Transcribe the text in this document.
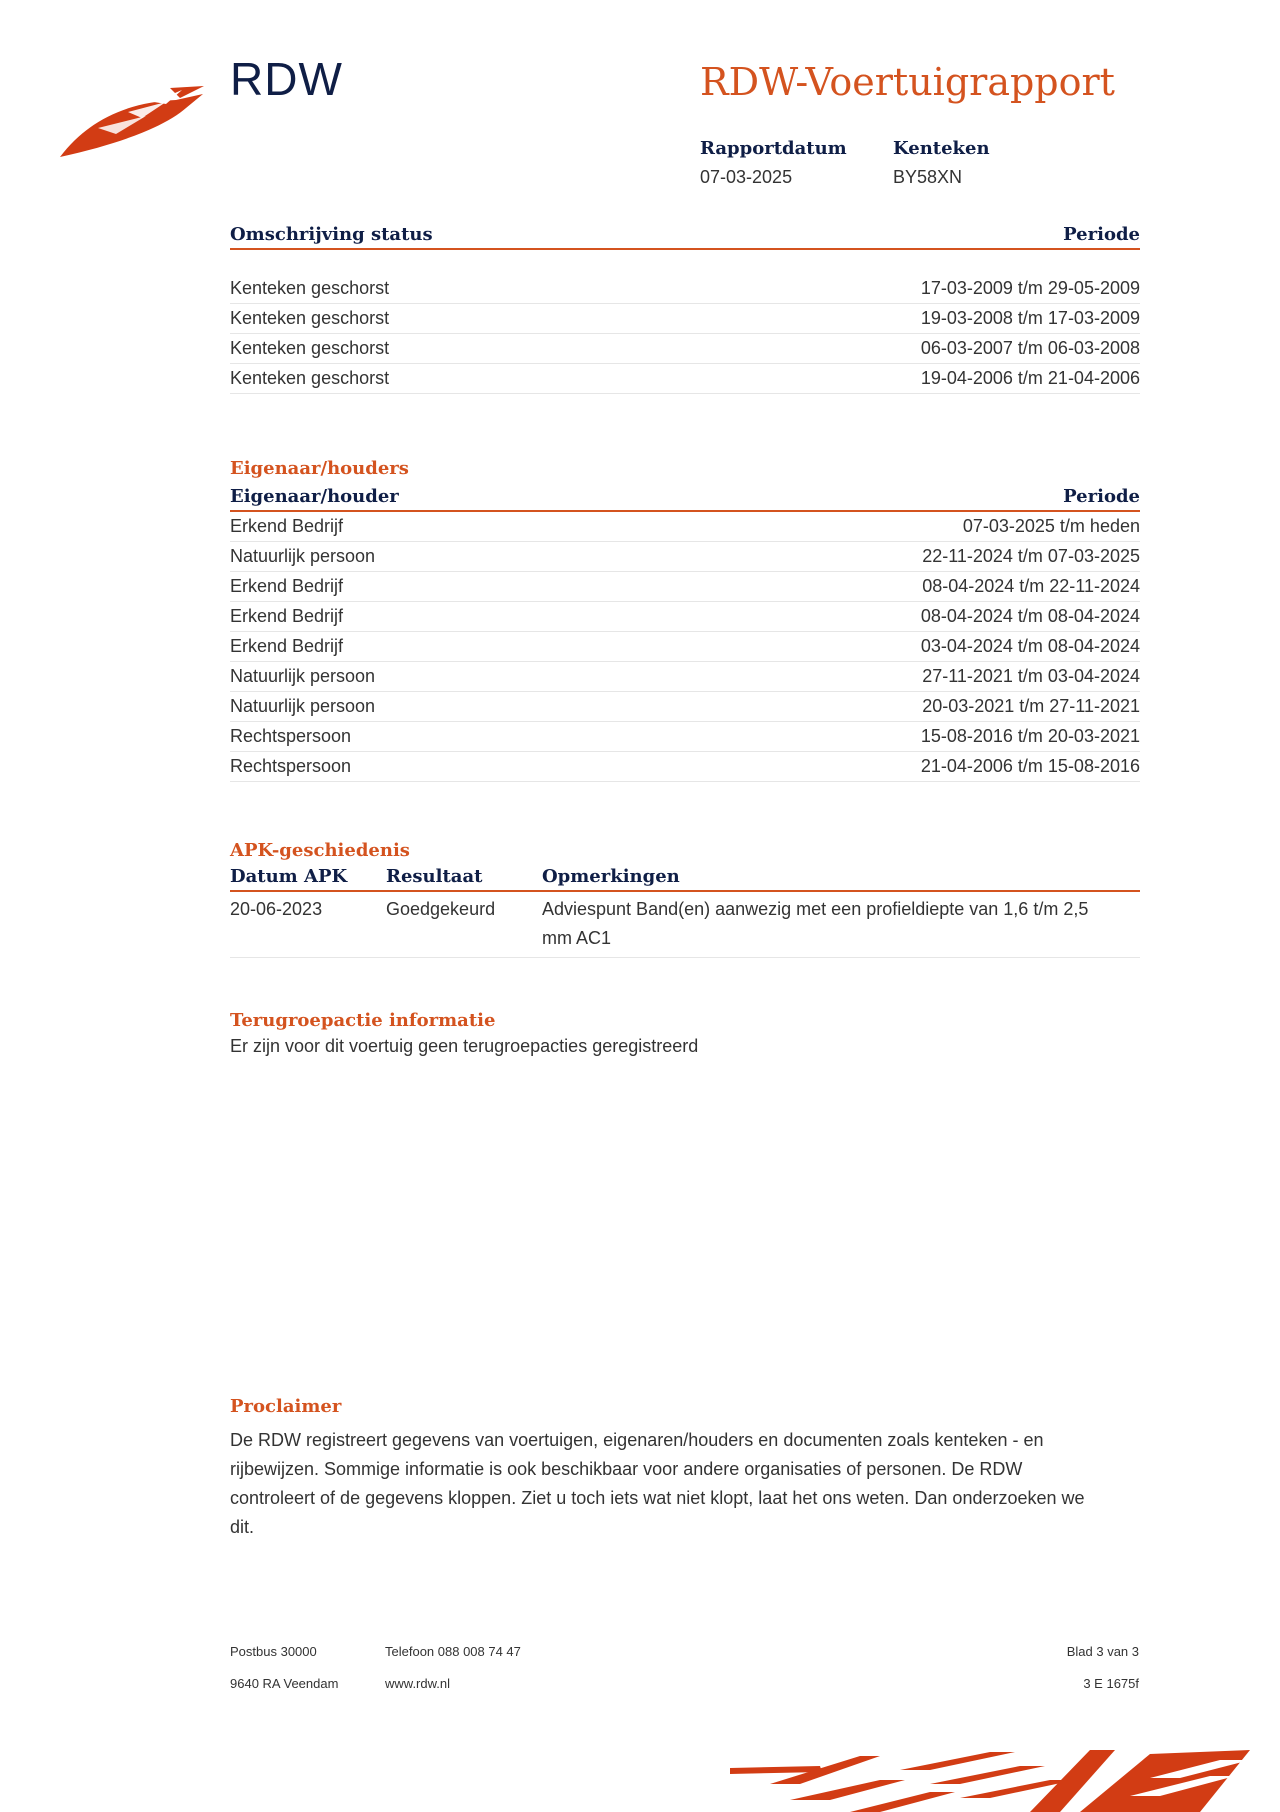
RDW	RDW-Voertuigrapport
Rapportdatum
07-03-2025
Kenteken
BY58XN
Omschrijving status	Periode
Kenteken geschorst	17-03-2009 t/m 29-05-2009
Kenteken geschorst	19-03-2008 t/m 17-03-2009
Kenteken geschorst	06-03-2007 t/m 06-03-2008
Kenteken geschorst	19-04-2006 t/m 21-04-2006
Eigenaar/houders
Eigenaar/houder	Periode
Erkend Bedrijf	07-03-2025 t/m heden
Natuurlijk persoon	22-11-2024 t/m 07-03-2025
Erkend Bedrijf	08-04-2024 t/m 22-11-2024
Erkend Bedrijf	08-04-2024 t/m 08-04-2024
Erkend Bedrijf	03-04-2024 t/m 08-04-2024
Natuurlijk persoon	27-11-2021 t/m 03-04-2024
Natuurlijk persoon	20-03-2021 t/m 27-11-2021
Rechtspersoon	15-08-2016 t/m 20-03-2021
Rechtspersoon	21-04-2006 t/m 15-08-2016
APK-geschiedenis
Datum APK	Resultaat	Opmerkingen
20-06-2023	Goedgekeurd	Adviespunt Band(en) aanwezig met een profieldiepte van 1,6 t/m 2,5 mm AC1
Terugroepactie informatie
Er zijn voor dit voertuig geen terugroepacties geregistreerd
Proclaimer
De RDW registreert gegevens van voertuigen, eigenaren/houders en documenten zoals kenteken - en rijbewijzen. Sommige informatie is ook beschikbaar voor andere organisaties of personen. De RDW controleert of de gegevens kloppen. Ziet u toch iets wat niet klopt, laat het ons weten. Dan onderzoeken we dit.
Postbus 30000
9640 RA Veendam
Telefoon 088 008 74 47
www.rdw.nl
Blad 3 van 3
3 E 1675f
